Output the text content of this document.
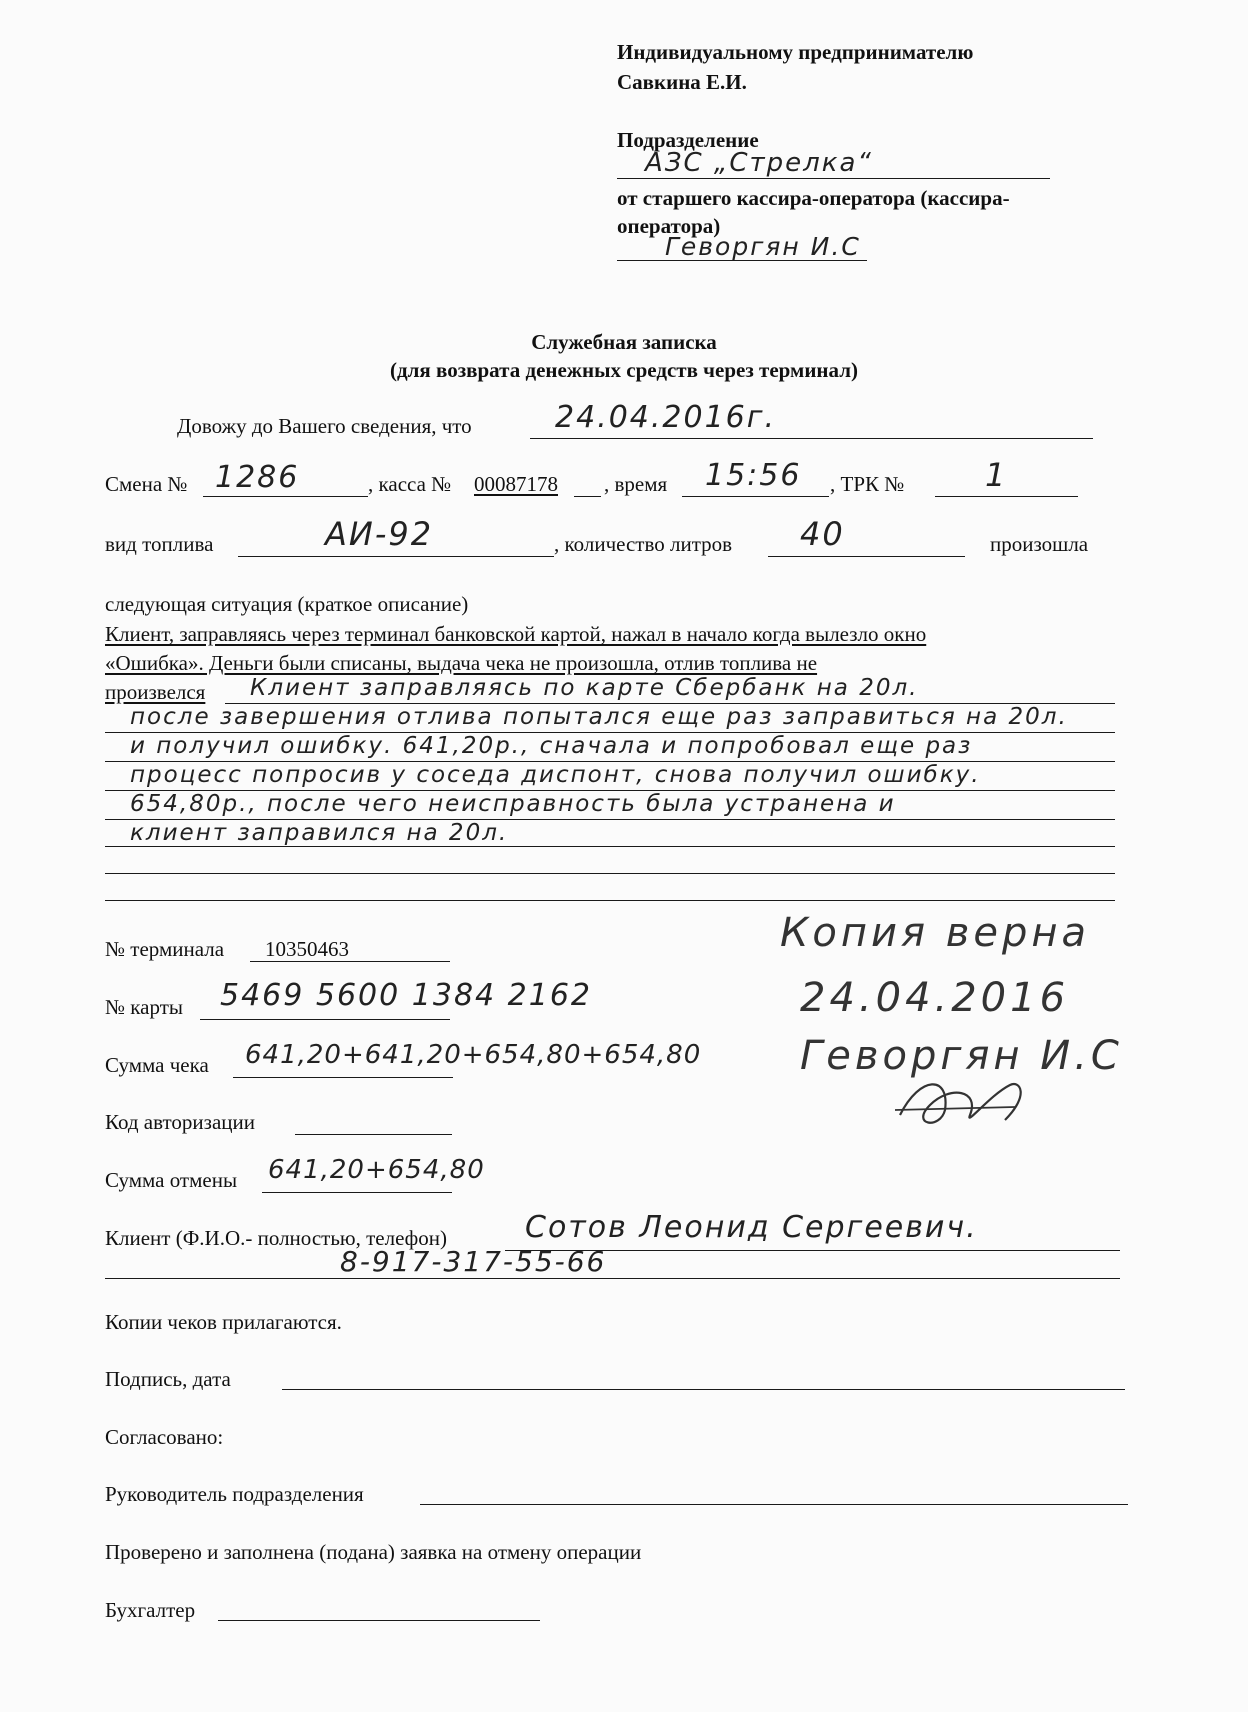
Индивидуальному предпринимателю
Савкина Е.И.
Подразделение
АЗС „Стрелка“
от старшего кассира-оператора (кассира-
оператора)
Геворгян И.С
Служебная записка
(для возврата денежных средств через терминал)
Довожу до Вашего сведения, что	24.04.2016г.
Смена № 1286	, касса № 00087178 , время 15:56 , ТРК №	1
вид топлива	АИ-92	, количество литров 40	произошла
следующая ситуация (краткое описание)
Клиент, заправляясь через терминал банковской картой, нажал в начало когда вылезло окно
«Ошибка». Деньги были списаны, выдача чека не произошла, отлив топлива не
произвелся Клиент заправляясь по карте Сбербанк на 20л.
после завершения отлива попытался еще раз заправиться на 20л.
и получил ошибку. 641,20р., сначала и попробовал еще раз
процесс попросив у соседа диспонт, снова получил ошибку.
654,80р., после чего неисправность была устранена и
клиент заправился на 20л.
№ терминала 10350463
№ карты 5469 5600 1384 2162
Сумма чека 641,20+641,20+654,80+654,80
Код авторизации
Сумма отмены 641,20+654,80
Клиент (Ф.И.О.- полностью, телефон)	Сотов Леонид Сергеевич.
8-917-317-55-66
Копия верна
24.04.2016
Геворгян И.С
Копии чеков прилагаются.
Подпись, дата
Согласовано:
Руководитель подразделения
Проверено и заполнена (подана) заявка на отмену операции
Бухгалтер
